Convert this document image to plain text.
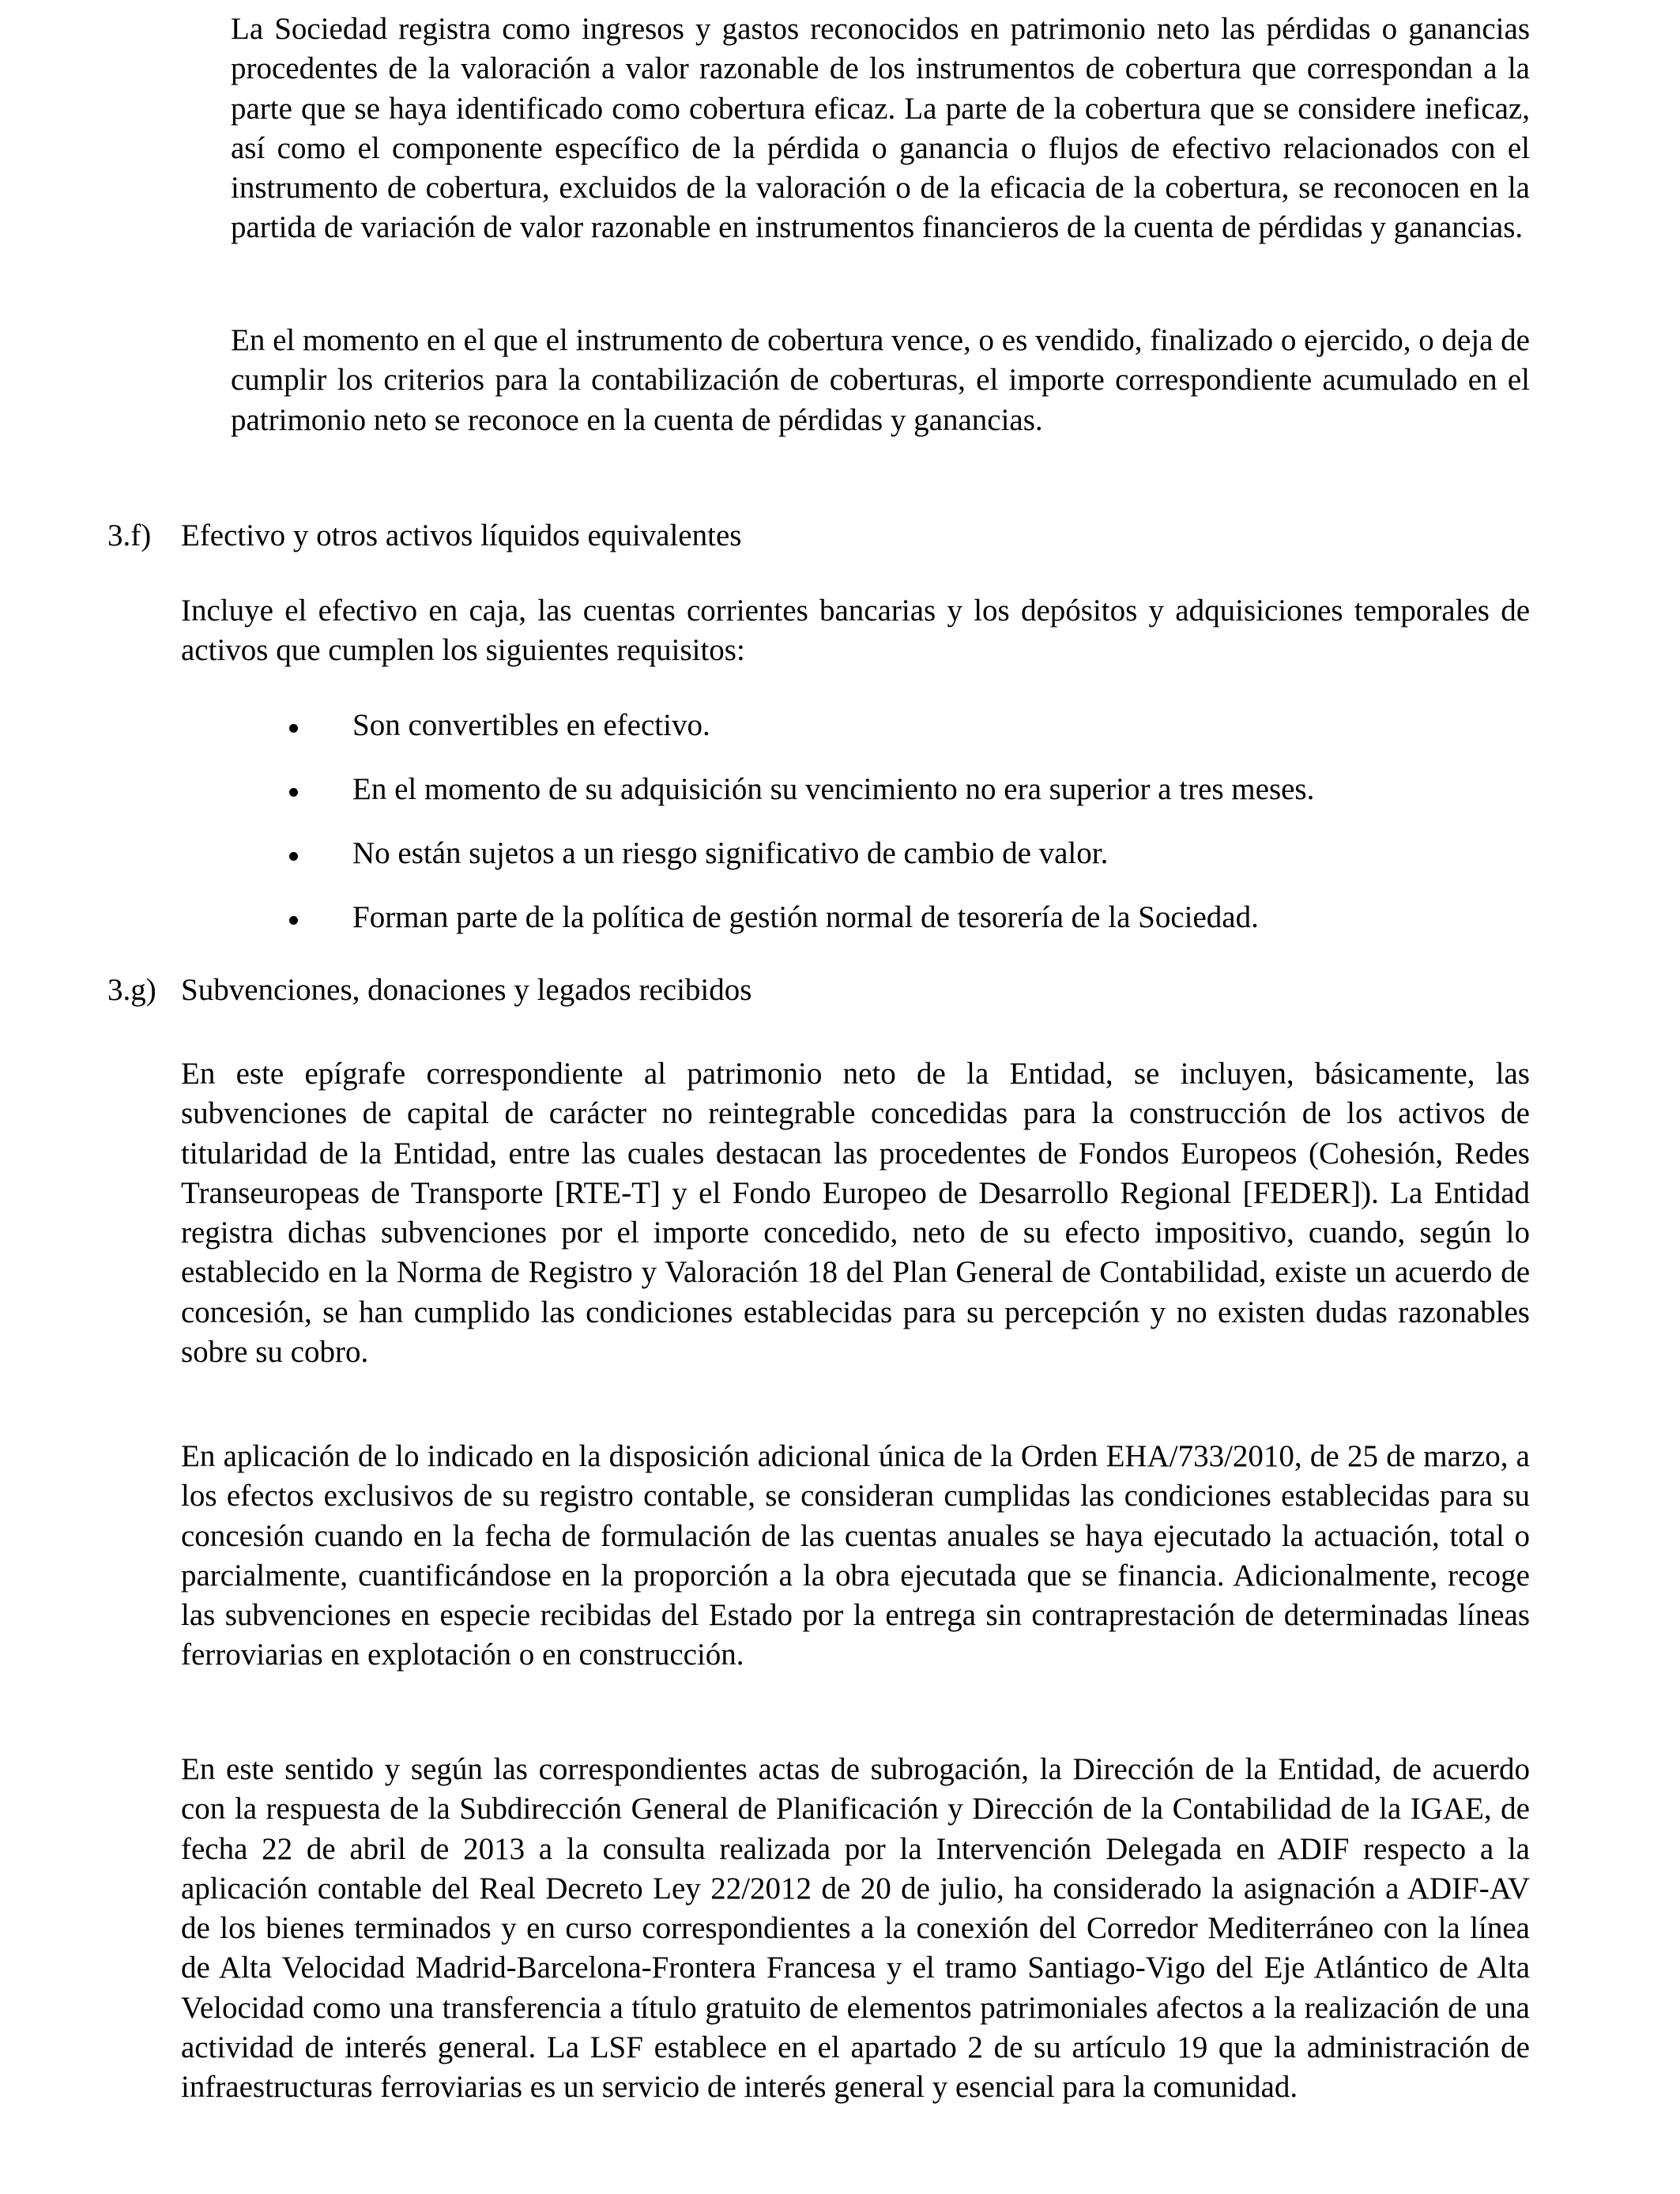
La Sociedad registra como ingresos y gastos reconocidos en patrimonio neto las pérdidas o ganancias procedentes de la valoración a valor razonable de los instrumentos de cobertura que correspondan a la parte que se haya identificado como cobertura eficaz. La parte de la cobertura que se considere ineficaz, así como el componente específico de la pérdida o ganancia o flujos de efectivo relacionados con el instrumento de cobertura, excluidos de la valoración o de la eficacia de la cobertura, se reconocen en la partida de variación de valor razonable en instrumentos financieros de la cuenta de pérdidas y ganancias.

En el momento en el que el instrumento de cobertura vence, o es vendido, finalizado o ejercido, o deja de cumplir los criterios para la contabilización de coberturas, el importe correspondiente acumulado en el patrimonio neto se reconoce en la cuenta de pérdidas y ganancias.

3.f) Efectivo y otros activos líquidos equivalentes

Incluye el efectivo en caja, las cuentas corrientes bancarias y los depósitos y adquisiciones temporales de activos que cumplen los siguientes requisitos:

Son convertibles en efectivo.
En el momento de su adquisición su vencimiento no era superior a tres meses.
No están sujetos a un riesgo significativo de cambio de valor.
Forman parte de la política de gestión normal de tesorería de la Sociedad.
3.g) Subvenciones, donaciones y legados recibidos

En este epígrafe correspondiente al patrimonio neto de la Entidad, se incluyen, básicamente, las subvenciones de capital de carácter no reintegrable concedidas para la construcción de los activos de titularidad de la Entidad, entre las cuales destacan las procedentes de Fondos Europeos (Cohesión, Redes Transeuropeas de Transporte [RTE-T] y el Fondo Europeo de Desarrollo Regional [FEDER]). La Entidad registra dichas subvenciones por el importe concedido, neto de su efecto impositivo, cuando, según lo establecido en la Norma de Registro y Valoración 18 del Plan General de Contabilidad, existe un acuerdo de concesión, se han cumplido las condiciones establecidas para su percepción y no existen dudas razonables sobre su cobro.

En aplicación de lo indicado en la disposición adicional única de la Orden EHA/733/2010, de 25 de marzo, a los efectos exclusivos de su registro contable, se consideran cumplidas las condiciones establecidas para su concesión cuando en la fecha de formulación de las cuentas anuales se haya ejecutado la actuación, total o parcialmente, cuantificándose en la proporción a la obra ejecutada que se financia. Adicionalmente, recoge las subvenciones en especie recibidas del Estado por la entrega sin contraprestación de determinadas líneas ferroviarias en explotación o en construcción.

En este sentido y según las correspondientes actas de subrogación, la Dirección de la Entidad, de acuerdo con la respuesta de la Subdirección General de Planificación y Dirección de la Contabilidad de la IGAE, de fecha 22 de abril de 2013 a la consulta realizada por la Intervención Delegada en ADIF respecto a la aplicación contable del Real Decreto Ley 22/2012 de 20 de julio, ha considerado la asignación a ADIF-AV de los bienes terminados y en curso correspondientes a la conexión del Corredor Mediterráneo con la línea de Alta Velocidad Madrid-Barcelona-Frontera Francesa y el tramo Santiago-Vigo del Eje Atlántico de Alta Velocidad como una transferencia a título gratuito de elementos patrimoniales afectos a la realización de una actividad de interés general. La LSF establece en el apartado 2 de su artículo 19 que la administración de infraestructuras ferroviarias es un servicio de interés general y esencial para la comunidad.
